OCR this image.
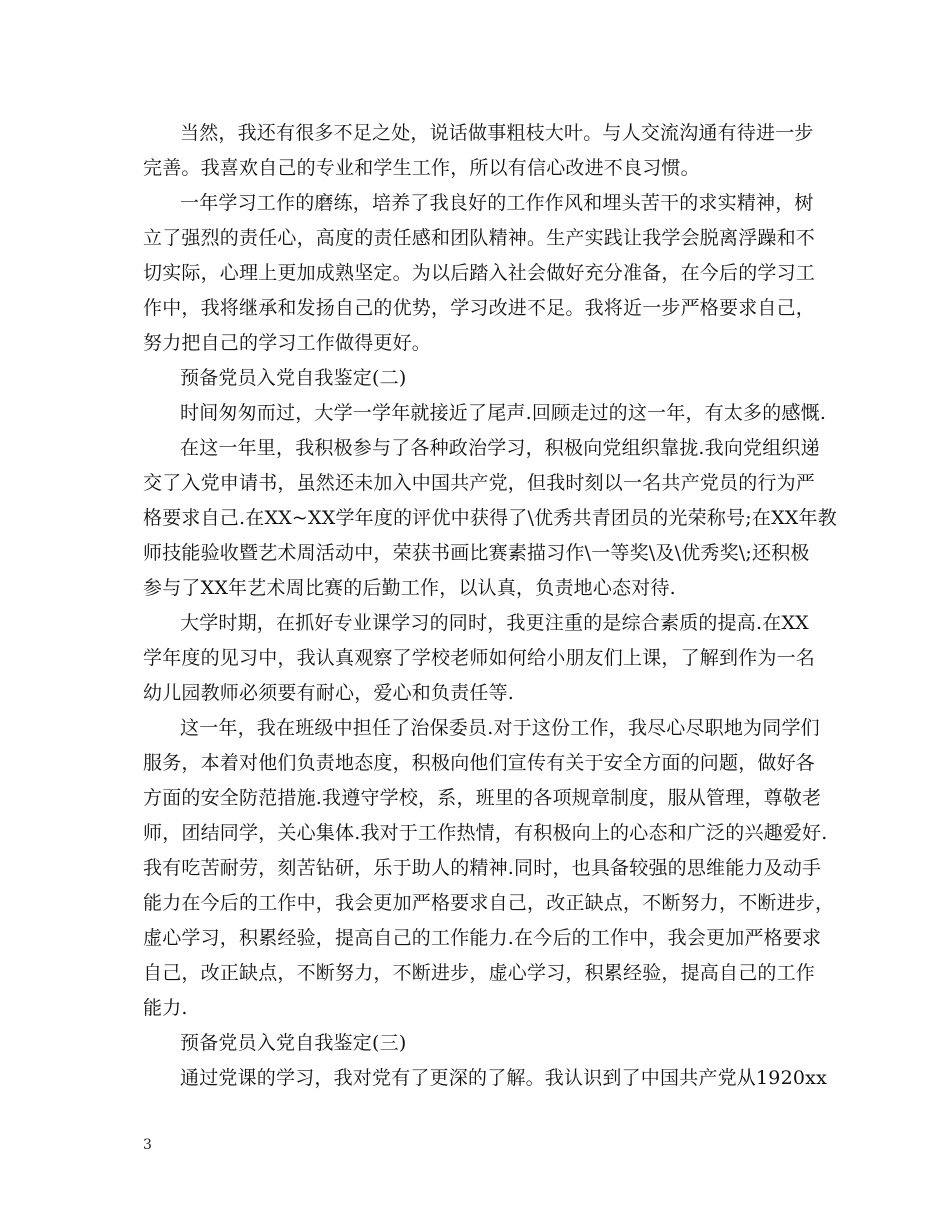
当然，我还有很多不足之处，说话做事粗枝大叶。与人交流沟通有待进一步
完善。我喜欢自己的专业和学生工作，所以有信心改进不良习惯。
一年学习工作的磨练，培养了我良好的工作作风和埋头苦干的求实精神，树
立了强烈的责任心，高度的责任感和团队精神。生产实践让我学会脱离浮躁和不
切实际，心理上更加成熟坚定。为以后踏入社会做好充分准备，在今后的学习工
作中，我将继承和发扬自己的优势，学习改进不足。我将近一步严格要求自己，
努力把自己的学习工作做得更好。
预备党员入党自我鉴定(二)
时间匆匆而过，大学一学年就接近了尾声.回顾走过的这一年，有太多的感慨.
在这一年里，我积极参与了各种政治学习，积极向党组织靠拢.我向党组织递
交了入党申请书，虽然还未加入中国共产党，但我时刻以一名共产党员的行为严
格要求自己.在XX~XX学年度的评优中获得了\优秀共青团员的光荣称号;在XX年教
师技能验收暨艺术周活动中，荣获书画比赛素描习作\一等奖\及\优秀奖\;还积极
参与了XX年艺术周比赛的后勤工作，以认真，负责地心态对待.
大学时期，在抓好专业课学习的同时，我更注重的是综合素质的提高.在XX
学年度的见习中，我认真观察了学校老师如何给小朋友们上课，了解到作为一名
幼儿园教师必须要有耐心，爱心和负责任等.
这一年，我在班级中担任了治保委员.对于这份工作，我尽心尽职地为同学们
服务，本着对他们负责地态度，积极向他们宣传有关于安全方面的问题，做好各
方面的安全防范措施.我遵守学校，系，班里的各项规章制度，服从管理，尊敬老
师，团结同学，关心集体.我对于工作热情，有积极向上的心态和广泛的兴趣爱好.
我有吃苦耐劳，刻苦钻研，乐于助人的精神.同时，也具备较强的思维能力及动手
能力在今后的工作中，我会更加严格要求自己，改正缺点，不断努力，不断进步，
虚心学习，积累经验，提高自己的工作能力.在今后的工作中，我会更加严格要求
自己，改正缺点，不断努力，不断进步，虚心学习，积累经验，提高自己的工作
能力.
预备党员入党自我鉴定(三)
通过党课的学习，我对党有了更深的了解。我认识到了中国共产党从1920xx
3
